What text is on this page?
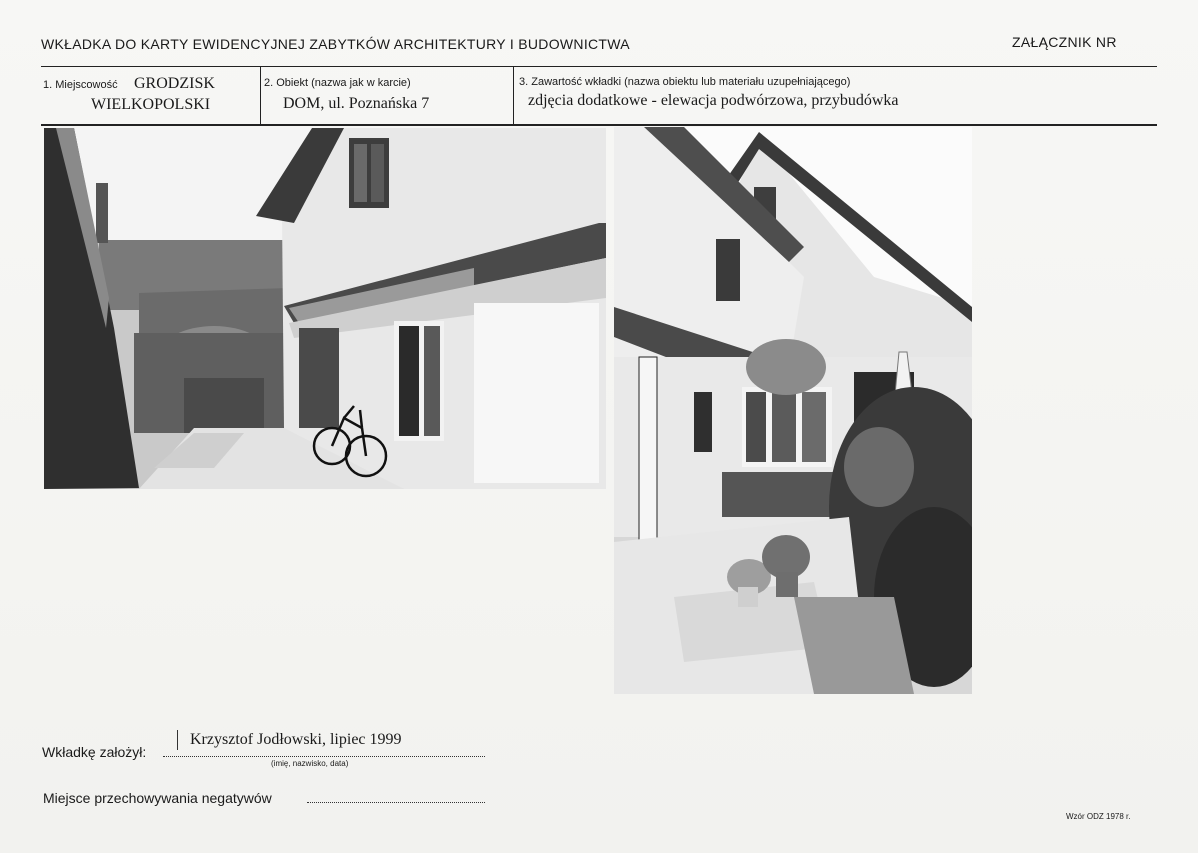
WKŁADKA DO KARTY EWIDENCYJNEJ ZABYTKÓW ARCHITEKTURY I BUDOWNICTWA	ZAŁĄCZNIK NR
1. Miejscowość GRODZISK
WIELKOPOLSKI
2. Obiekt (nazwa jak w karcie)
DOM, ul. Poznańska 7
3. Zawartość wkładki (nazwa obiektu lub materiału uzupełniającego)
zdjęcia dodatkowe - elewacja podwórzowa, przybudówka
Wkładkę założył:
Krzysztof Jodłowski, lipiec 1999
(imię, nazwisko, data)
Miejsce przechowywania negatywów
Wzór ODZ 1978 r.
